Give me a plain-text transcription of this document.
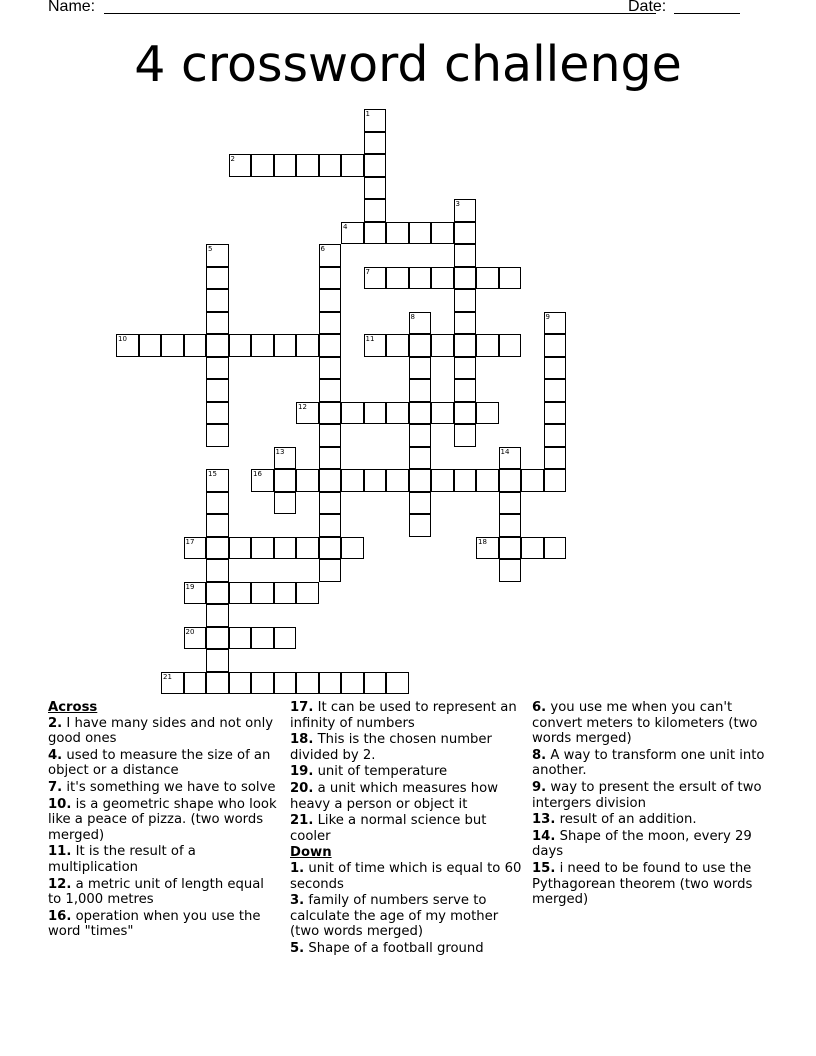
Name:	Date:
4 crossword challenge
1
2
3
4
5	6
7
8	9
10	11
12
13	14
15	16
17	18
19
20
21
Across
2. I have many sides and not only good ones
4. used to measure the size of an object or a distance
7. it's something we have to solve
10. is a geometric shape who look like a peace of pizza. (two words merged)
11. It is the result of a multiplication
12. a metric unit of length equal to 1,000 metres
16. operation when you use the word "times"
17. It can be used to represent an infinity of numbers
18. This is the chosen number divided by 2.
19. unit of temperature
20. a unit which measures how heavy a person or object it
21. Like a normal science but cooler
Down
1. unit of time which is equal to 60 seconds
3. family of numbers serve to calculate the age of my mother (two words merged)
5. Shape of a football ground
6. you use me when you can't convert meters to kilometers (two words merged)
8. A way to transform one unit into another.
9. way to present the ersult of two intergers division
13. result of an addition.
14. Shape of the moon, every 29 days
15. i need to be found to use the Pythagorean theorem (two words merged)
